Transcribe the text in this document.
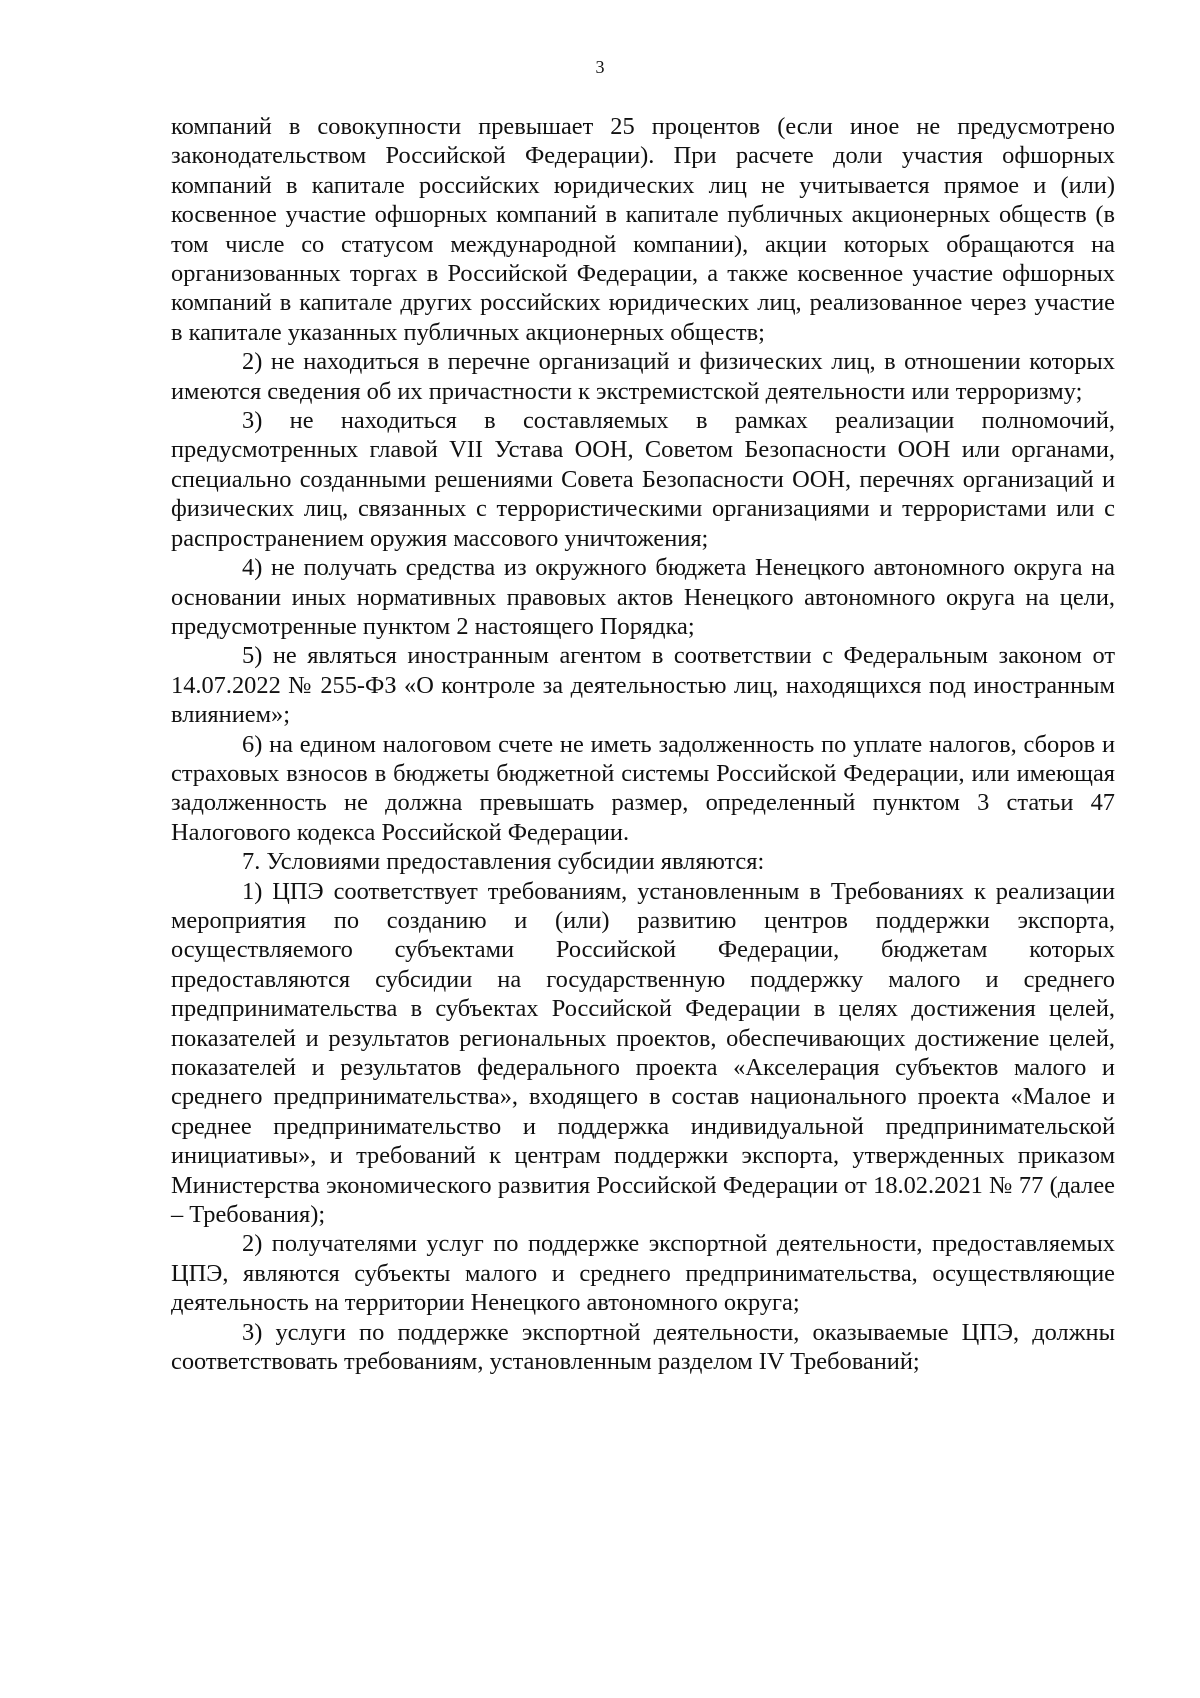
3

компаний в совокупности превышает 25 процентов (если иное не предусмотрено законодательством Российской Федерации). При расчете доли участия офшорных компаний в капитале российских юридических лиц не учитывается прямое и (или) косвенное участие офшорных компаний в капитале публичных акционерных обществ (в том числе со статусом международной компании), акции которых обращаются на организованных торгах в Российской Федерации, а также косвенное участие офшорных компаний в капитале других российских юридических лиц, реализованное через участие в капитале указанных публичных акционерных обществ;

2) не находиться в перечне организаций и физических лиц, в отношении которых имеются сведения об их причастности к экстремистской деятельности или терроризму;

3) не находиться в составляемых в рамках реализации полномочий, предусмотренных главой VII Устава ООН, Советом Безопасности ООН или органами, специально созданными решениями Совета Безопасности ООН, перечнях организаций и физических лиц, связанных с террористическими организациями и террористами или с распространением оружия массового уничтожения;

4) не получать средства из окружного бюджета Ненецкого автономного округа на основании иных нормативных правовых актов Ненецкого автономного округа на цели, предусмотренные пунктом 2 настоящего Порядка;

5) не являться иностранным агентом в соответствии с Федеральным законом от 14.07.2022 № 255-ФЗ «О контроле за деятельностью лиц, находящихся под иностранным влиянием»;

6) на едином налоговом счете не иметь задолженность по уплате налогов, сборов и страховых взносов в бюджеты бюджетной системы Российской Федерации, или имеющая задолженность не должна превышать размер, определенный пунктом 3 статьи 47 Налогового кодекса Российской Федерации.

7. Условиями предоставления субсидии являются:

1) ЦПЭ соответствует требованиям, установленным в Требованиях к реализации мероприятия по созданию и (или) развитию центров поддержки экспорта, осуществляемого субъектами Российской Федерации, бюджетам которых предоставляются субсидии на государственную поддержку малого и среднего предпринимательства в субъектах Российской Федерации в целях достижения целей, показателей и результатов региональных проектов, обеспечивающих достижение целей, показателей и результатов федерального проекта «Акселерация субъектов малого и среднего предпринимательства», входящего в состав национального проекта «Малое и среднее предпринимательство и поддержка индивидуальной предпринимательской инициативы», и требований к центрам поддержки экспорта, утвержденных приказом Министерства экономического развития Российской Федерации от 18.02.2021 № 77 (далее – Требования);

2) получателями услуг по поддержке экспортной деятельности, предоставляемых ЦПЭ, являются субъекты малого и среднего предпринимательства, осуществляющие деятельность на территории Ненецкого автономного округа;

3) услуги по поддержке экспортной деятельности, оказываемые ЦПЭ, должны соответствовать требованиям, установленным разделом IV Требований;
